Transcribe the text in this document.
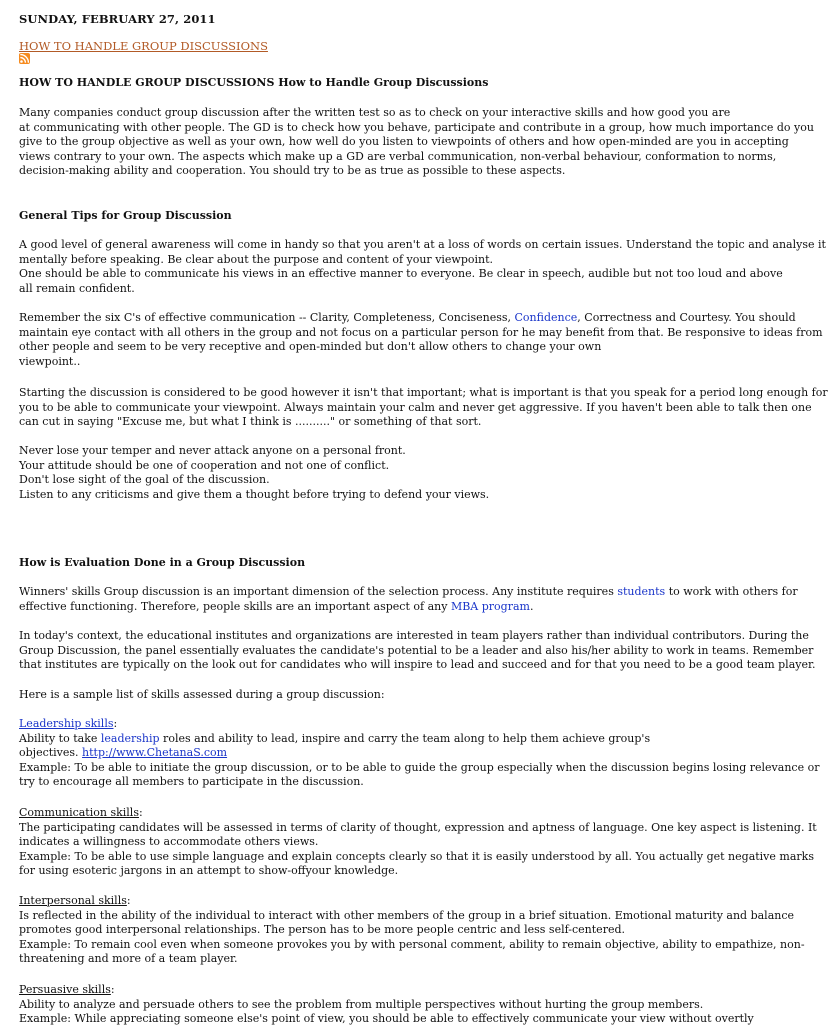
SUNDAY, FEBRUARY 27, 2011
HOW TO HANDLE GROUP DISCUSSIONS
HOW TO HANDLE GROUP DISCUSSIONS How to Handle Group Discussions
Many companies conduct group discussion after the written test so as to check on your interactive skills and how good you are
at communicating with other people. The GD is to check how you behave, participate and contribute in a group, how much importance do you
give to the group objective as well as your own, how well do you listen to viewpoints of others and how open-minded are you in accepting
views contrary to your own. The aspects which make up a GD are verbal communication, non-verbal behaviour, conformation to norms,
decision-making ability and cooperation. You should try to be as true as possible to these aspects.
General Tips for Group Discussion
A good level of general awareness will come in handy so that you aren't at a loss of words on certain issues. Understand the topic and analyse it
mentally before speaking. Be clear about the purpose and content of your viewpoint.
One should be able to communicate his views in an effective manner to everyone. Be clear in speech, audible but not too loud and above
all remain confident.
Remember the six C's of effective communication -- Clarity, Completeness, Conciseness, Confidence, Correctness and Courtesy. You should
maintain eye contact with all others in the group and not focus on a particular person for he may benefit from that. Be responsive to ideas from
other people and seem to be very receptive and open-minded but don't allow others to change your own
viewpoint..
Starting the discussion is considered to be good however it isn't that important; what is important is that you speak for a period long enough for
you to be able to communicate your viewpoint. Always maintain your calm and never get aggressive. If you haven't been able to talk then one
can cut in saying "Excuse me, but what I think is .........." or something of that sort.
Never lose your temper and never attack anyone on a personal front.
Your attitude should be one of cooperation and not one of conflict.
Don't lose sight of the goal of the discussion.
Listen to any criticisms and give them a thought before trying to defend your views.
How is Evaluation Done in a Group Discussion
Winners' skills Group discussion is an important dimension of the selection process. Any institute requires students to work with others for
effective functioning. Therefore, people skills are an important aspect of any MBA program.
In today's context, the educational institutes and organizations are interested in team players rather than individual contributors. During the
Group Discussion, the panel essentially evaluates the candidate's potential to be a leader and also his/her ability to work in teams. Remember
that institutes are typically on the look out for candidates who will inspire to lead and succeed and for that you need to be a good team player.
Here is a sample list of skills assessed during a group discussion:
Leadership skills:
Ability to take leadership roles and ability to lead, inspire and carry the team along to help them achieve group's
objectives. http://www.ChetanaS.com
Example: To be able to initiate the group discussion, or to be able to guide the group especially when the discussion begins losing relevance or
try to encourage all members to participate in the discussion.
Communication skills:
The participating candidates will be assessed in terms of clarity of thought, expression and aptness of language. One key aspect is listening. It
indicates a willingness to accommodate others views.
Example: To be able to use simple language and explain concepts clearly so that it is easily understood by all. You actually get negative marks
for using esoteric jargons in an attempt to show-offyour knowledge.
Interpersonal skills:
Is reflected in the ability of the individual to interact with other members of the group in a brief situation. Emotional maturity and balance
promotes good interpersonal relationships. The person has to be more people centric and less self-centered.
Example: To remain cool even when someone provokes you by with personal comment, ability to remain objective, ability to empathize, non-
threatening and more of a team player.
Persuasive skills:
Ability to analyze and persuade others to see the problem from multiple perspectives without hurting the group members.
Example: While appreciating someone else's point of view, you should be able to effectively communicate your view without overtly
